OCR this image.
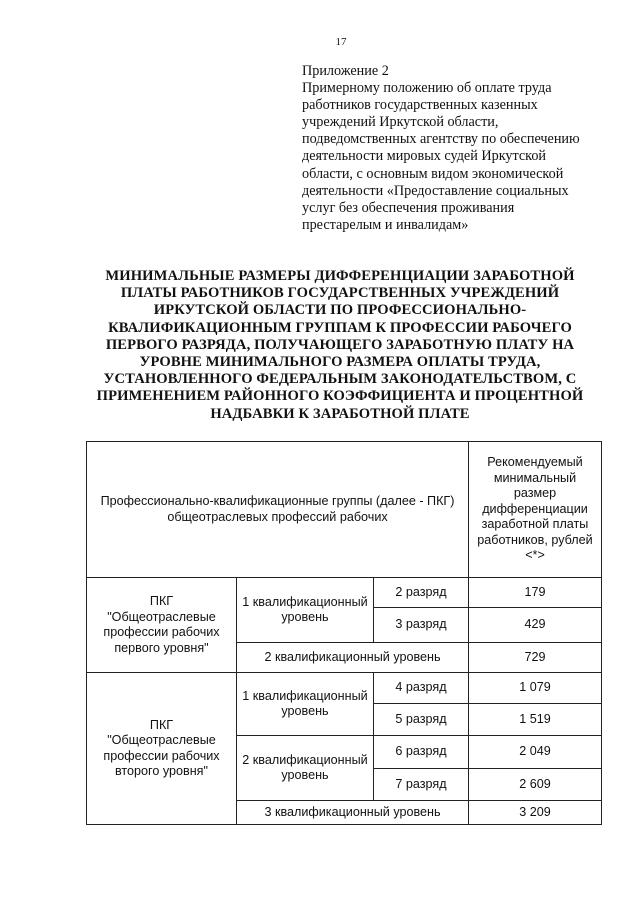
17
Приложение 2
Примерному положению об оплате труда
работников государственных казенных
учреждений Иркутской области,
подведомственных агентству по обеспечению
деятельности мировых судей Иркутской
области, с основным видом экономической
деятельности «Предоставление социальных
услуг без обеспечения проживания
престарелым и инвалидам»
МИНИМАЛЬНЫЕ РАЗМЕРЫ ДИФФЕРЕНЦИАЦИИ ЗАРАБОТНОЙ
ПЛАТЫ РАБОТНИКОВ ГОСУДАРСТВЕННЫХ УЧРЕЖДЕНИЙ
ИРКУТСКОЙ ОБЛАСТИ ПО ПРОФЕССИОНАЛЬНО-
КВАЛИФИКАЦИОННЫМ ГРУППАМ К ПРОФЕССИИ РАБОЧЕГО
ПЕРВОГО РАЗРЯДА, ПОЛУЧАЮЩЕГО ЗАРАБОТНУЮ ПЛАТУ НА
УРОВНЕ МИНИМАЛЬНОГО РАЗМЕРА ОПЛАТЫ ТРУДА,
УСТАНОВЛЕННОГО ФЕДЕРАЛЬНЫМ ЗАКОНОДАТЕЛЬСТВОМ, С
ПРИМЕНЕНИЕМ РАЙОННОГО КОЭФФИЦИЕНТА И ПРОЦЕНТНОЙ
НАДБАВКИ К ЗАРАБОТНОЙ ПЛАТЕ
Профессионально-квалификационные группы (далее - ПКГ) общеотраслевых профессий рабочих			Рекомендуемый минимальный размер дифференциации заработной платы работников, рублей <*>
ПКГ "Общеотраслевые профессии рабочих первого уровня"	1 квалификационный уровень	2 разряд	179
		3 разряд	429
	2 квалификационный уровень		729
ПКГ "Общеотраслевые профессии рабочих второго уровня"	1 квалификационный уровень	4 разряд	1 079
		5 разряд	1 519
	2 квалификационный уровень	6 разряд	2 049
		7 разряд	2 609
	3 квалификационный уровень		3 209
